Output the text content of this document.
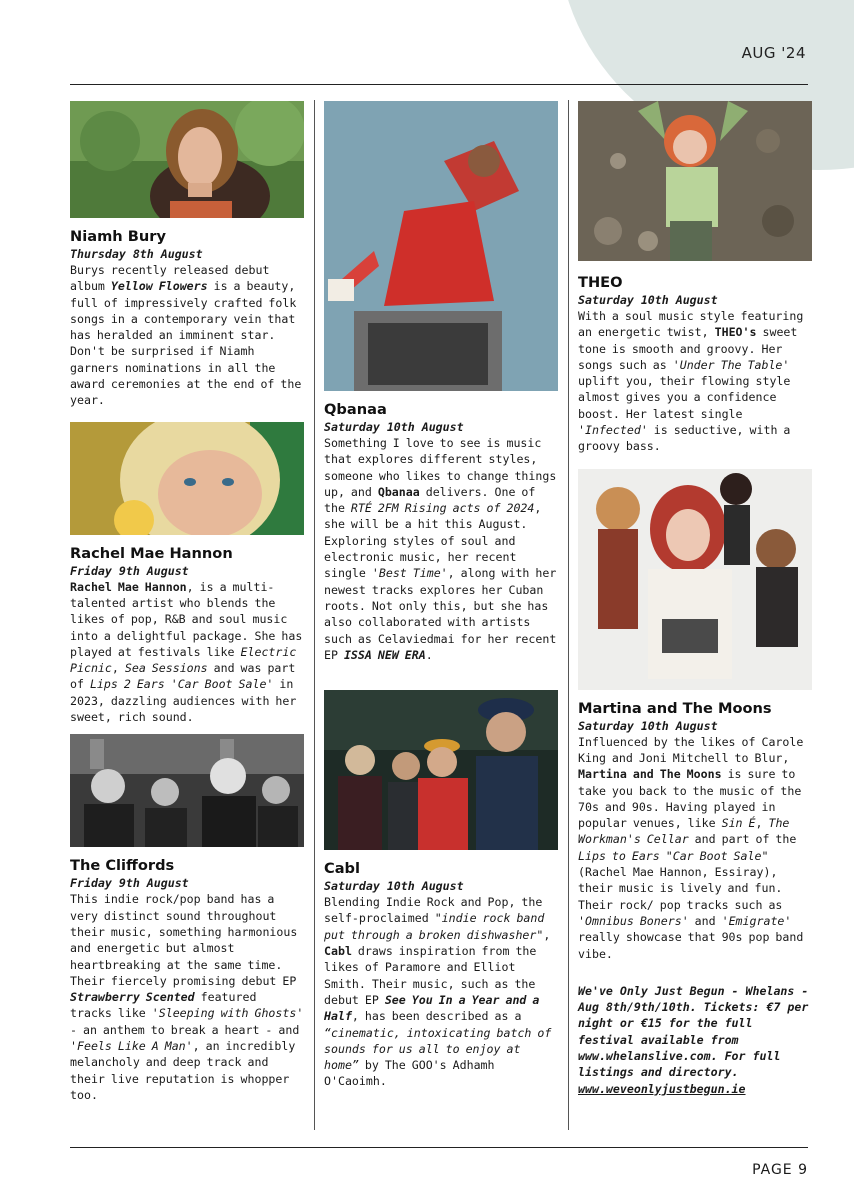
AUG '24
Niamh Bury
Thursday 8th August
Burys recently released debut album Yellow Flowers is a beauty, full of impressively crafted folk songs in a contemporary vein that has heralded an imminent star. Don't be surprised if Niamh garners nominations in all the award ceremonies at the end of the year.
Rachel Mae Hannon
Friday 9th August
Rachel Mae Hannon, is a multi-talented artist who blends the likes of pop, R&B and soul music into a delightful package. She has played at festivals like Electric Picnic, Sea Sessions and was part of Lips 2 Ears 'Car Boot Sale' in 2023, dazzling audiences with her sweet, rich sound.
The Cliffords
Friday 9th August
This indie rock/pop band has a very distinct sound throughout their music, something harmonious and energetic but almost heartbreaking at the same time. Their fiercely promising debut EP Strawberry Scented featured tracks like 'Sleeping with Ghosts' - an anthem to break a heart - and 'Feels Like A Man', an incredibly melancholy and deep track and their live reputation is whopper too.
Qbanaa
Saturday 10th August
Something I love to see is music that explores different styles, someone who likes to change things up, and Qbanaa delivers. One of the RTÉ 2FM Rising acts of 2024, she will be a hit this August. Exploring styles of soul and electronic music, her recent single 'Best Time', along with her newest tracks explores her Cuban roots. Not only this, but she has also collaborated with artists such as Celaviedmai for her recent EP ISSA NEW ERA.
Cabl
Saturday 10th August
Blending Indie Rock and Pop, the self-proclaimed "indie rock band put through a broken dishwasher", Cabl draws inspiration from the likes of Paramore and Elliot Smith. Their music, such as the debut EP See You In a Year and a Half, has been described as a “cinematic, intoxicating batch of sounds for us all to enjoy at home” by The GOO's Adhamh O'Caoimh.
THEO
Saturday 10th August
With a soul music style featuring an energetic twist, THEO's sweet tone is smooth and groovy. Her songs such as 'Under The Table' uplift you, their flowing style almost gives you a confidence boost. Her latest single 'Infected' is seductive, with a groovy bass.
Martina and The Moons
Saturday 10th August
Influenced by the likes of Carole King and Joni Mitchell to Blur, Martina and The Moons is sure to take you back to the music of the 70s and 90s. Having played in popular venues, like Sin É, The Workman's Cellar and part of the Lips to Ears "Car Boot Sale" (Rachel Mae Hannon, Essiray), their music is lively and fun. Their rock/ pop tracks such as 'Omnibus Boners' and 'Emigrate' really showcase that 90s pop band vibe.
We've Only Just Begun - Whelans - Aug 8th/9th/10th. Tickets: €7 per night or €15 for the full festival available from www.whelanslive.com. For full listings and directory.
www.weveonlyjustbegun.ie
PAGE 9
